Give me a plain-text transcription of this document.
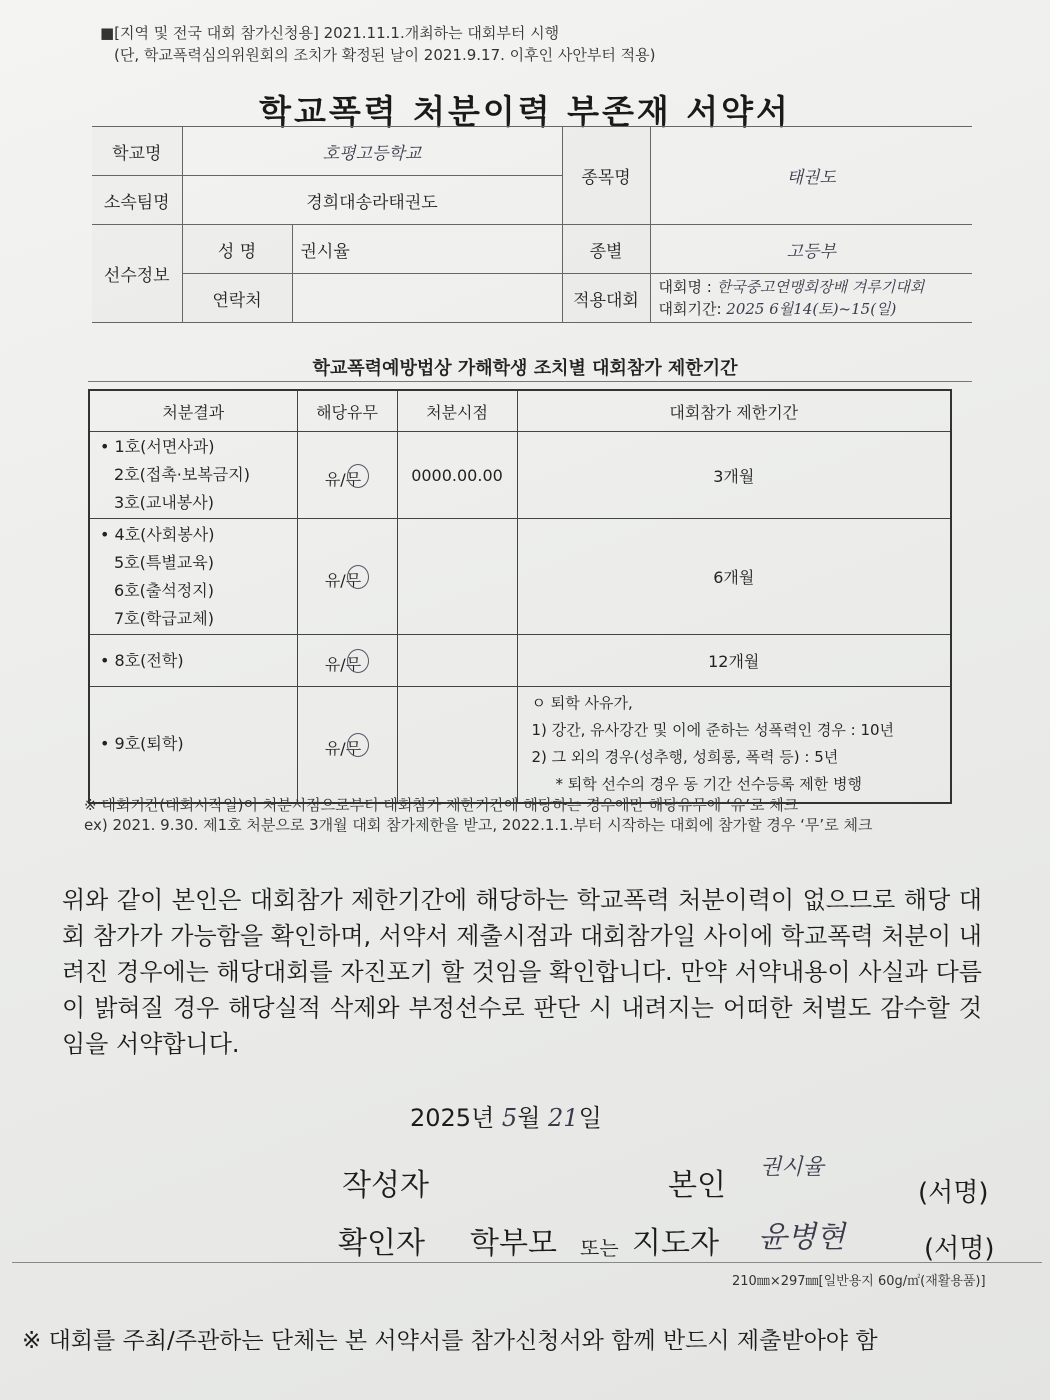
■[지역 및 전국 대회 참가신청용] 2021.11.1.개최하는 대회부터 시행
(단, 학교폭력심의위원회의 조치가 확정된 날이 2021.9.17. 이후인 사안부터 적용)
학교폭력 처분이력 부존재 서약서
학교명	호평고등학교		종목명	태권도
소속팀명	경희대송라태권도			
선수정보	성 명	권시율	종별	고등부
	연락처		적용대회	대회명 : 한국중고연맹회장배 겨루기대회
대회기간: 2025 6월14(토)~15(일)
학교폭력예방법상 가해학생 조치별 대회참가 제한기간
처분결과	해당유무	처분시점	대회참가 제한기간

• 1호(서면사과)
2호(접촉·보복금지)
3호(교내봉사)	유/무	0000.00.00	3개월

• 4호(사회봉사)
5호(특별교육)
6호(출석정지)
7호(학급교체)	유/무		6개월

• 8호(전학)	유/무		12개월

• 9호(퇴학)	유/무		ㅇ 퇴학 사유가,
1) 강간, 유사강간 및 이에 준하는 성폭력인 경우 : 10년
2) 그 외의 경우(성추행, 성희롱, 폭력 등) : 5년
* 퇴학 선수의 경우 동 기간 선수등록 제한 병행
※ 대회기간(대회시작일)이 처분시점으로부터 대회참가 제한기간에 해당하는 경우에만 해당유무에 ‘유’로 체크
ex) 2021. 9.30. 제1호 처분으로 3개월 대회 참가제한을 받고, 2022.1.1.부터 시작하는 대회에 참가할 경우 ‘무’로 체크
위와 같이 본인은 대회참가 제한기간에 해당하는 학교폭력 처분이력이 없으므로 해당 대회 참가가 가능함을 확인하며, 서약서 제출시점과 대회참가일 사이에 학교폭력 처분이 내려진 경우에는 해당대회를 자진포기 할 것임을 확인합니다. 만약 서약내용이 사실과 다름이 밝혀질 경우 해당실적 삭제와 부정선수로 판단 시 내려지는 어떠한 처벌도 감수할 것임을 서약합니다.
2025년 5월 21일
작성자	본인
권시율
(서명)
확인자 학부모 또는 지도자 윤병현	(서명)
210㎜×297㎜[일반용지 60g/㎡(재활용품)]
※ 대회를 주최/주관하는 단체는 본 서약서를 참가신청서와 함께 반드시 제출받아야 함
